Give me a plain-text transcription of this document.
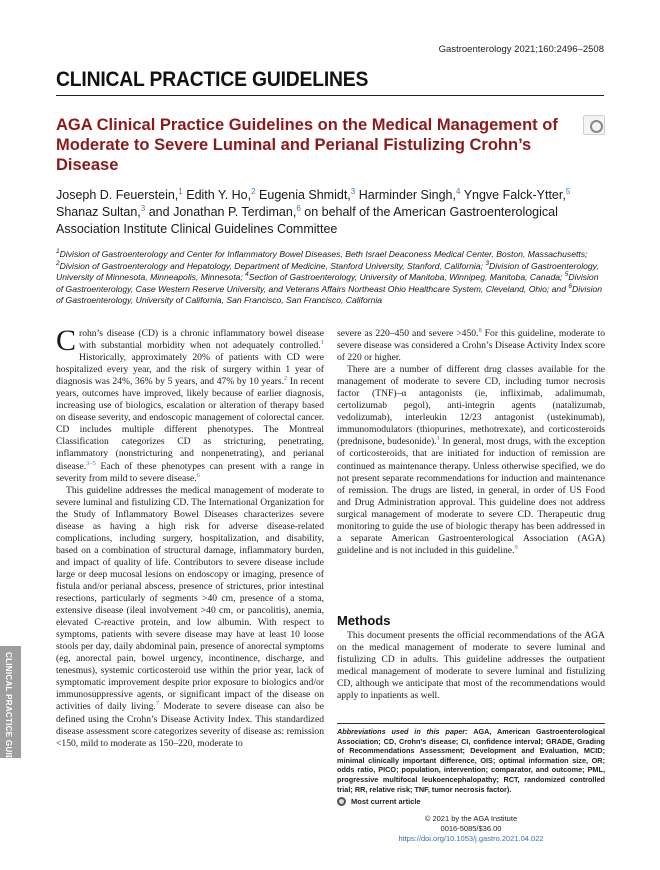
Gastroenterology 2021;160:2496–2508
CLINICAL PRACTICE GUIDELINES
AGA Clinical Practice Guidelines on the Medical Management of Moderate to Severe Luminal and Perianal Fistulizing Crohn’s Disease
Joseph D. Feuerstein,$^1$ Edith Y. Ho,$^2$ Eugenia Shmidt,$^3$ Harminder Singh,$^4$ Yngve Falck-Ytter,$^5$ Shanaz Sultan,$^3$ and Jonathan P. Terdiman,$^6$ on behalf of the American Gastroenterological Association Institute Clinical Guidelines Committee
$^1$Division of Gastroenterology and Center for Inflammatory Bowel Diseases, Beth Israel Deaconess Medical Center, Boston, Massachusetts; $^2$Division of Gastroenterology and Hepatology, Department of Medicine, Stanford University, Stanford, California; $^3$Division of Gastroenterology, University of Minnesota, Minneapolis, Minnesota; $^4$Section of Gastroenterology, University of Manitoba, Winnipeg, Manitoba, Canada; $^5$Division of Gastroenterology, Case Western Reserve University, and Veterans Affairs Northeast Ohio Healthcare System, Cleveland, Ohio; and $^6$Division of Gastroenterology, University of California, San Francisco, San Francisco, California

Crohn’s disease (CD) is a chronic inflammatory bowel disease with substantial morbidity when not adequately controlled.$^1$ Historically, approximately 20% of patients with CD were hospitalized every year, and the risk of surgery within 1 year of diagnosis was 24%, 36% by 5 years, and 47% by 10 years.$^2$ In recent years, outcomes have improved, likely because of earlier diagnosis, increasing use of biologics, escalation or alteration of therapy based on disease severity, and endoscopic management of colorectal cancer. CD includes multiple different phenotypes. The Montreal Classification categorizes CD as stricturing, penetrating, inflammatory (nonstricturing and nonpenetrating), and perianal disease.$^{3-5}$ Each of these phenotypes can present with a range in severity from mild to severe disease.$^6$

This guideline addresses the medical management of moderate to severe luminal and fistulizing CD. The International Organization for the Study of Inflammatory Bowel Diseases characterizes severe disease as having a high risk for adverse disease-related complications, including surgery, hospitalization, and disability, based on a combination of structural damage, inflammatory burden, and impact of quality of life. Contributors to severe disease include large or deep mucosal lesions on endoscopy or imaging, presence of fistula and/or perianal abscess, presence of strictures, prior intestinal resections, particularly of segments >40 cm, presence of a stoma, extensive disease (ileal involvement >40 cm, or pancolitis), anemia, elevated C-reactive protein, and low albumin. With respect to symptoms, patients with severe disease may have at least 10 loose stools per day, daily abdominal pain, presence of anorectal symptoms (eg, anorectal pain, bowel urgency, incontinence, discharge, and tenesmus), systemic corticosteroid use within the prior year, lack of symptomatic improvement despite prior exposure to biologics and/or immunosuppressive agents, or significant impact of the disease on activities of daily living.$^7$ Moderate to severe disease can also be defined using the Crohn’s Disease Activity Index. This standardized disease assessment score categorizes severity of disease as: remission <150, mild to moderate as 150–220, moderate to

severe as 220–450 and severe >450.$^8$ For this guideline, moderate to severe disease was considered a Crohn’s Disease Activity Index score of 220 or higher.

There are a number of different drug classes available for the management of moderate to severe CD, including tumor necrosis factor (TNF)–α antagonists (ie, infliximab, adalimumab, certolizumab pegol), anti-integrin agents (natalizumab, vedolizumab), interleukin 12/23 antagonist (ustekinumab), immunomodulators (thiopurines, methotrexate), and corticosteroids (prednisone, budesonide).$^1$ In general, most drugs, with the exception of corticosteroids, that are initiated for induction of remission are continued as maintenance therapy. Unless otherwise specified, we do not present separate recommendations for induction and maintenance of remission. The drugs are listed, in general, in order of US Food and Drug Administration approval. This guideline does not address surgical management of moderate to severe CD. Therapeutic drug monitoring to guide the use of biologic therapy has been addressed in a separate American Gastroenterological Association (AGA) guideline and is not included in this guideline.$^9$

Methods

This document presents the official recommendations of the AGA on the medical management of moderate to severe luminal and fistulizing CD in adults. This guideline addresses the outpatient medical management of moderate to severe luminal and fistulizing CD, although we anticipate that most of the recommendations would apply to inpatients as well.

Abbreviations used in this paper: AGA, American Gastroenterological Association; CD, Crohn’s disease; CI, confidence interval; GRADE, Grading of Recommendations Assessment; Development and Evaluation, MCID; minimal clinically important difference, OIS; optimal information size, OR; odds ratio, PICO; population, intervention; comparator, and outcome; PML, progressive multifocal leukoencephalopathy; RCT, randomized controlled trial; RR, relative risk; TNF, tumor necrosis factor).
Most current article
© 2021 by the AGA Institute
0016-5085/$36.00
https://doi.org/10.1053/j.gastro.2021.04.022
CLINICAL PRACTICE GUIDELINES
